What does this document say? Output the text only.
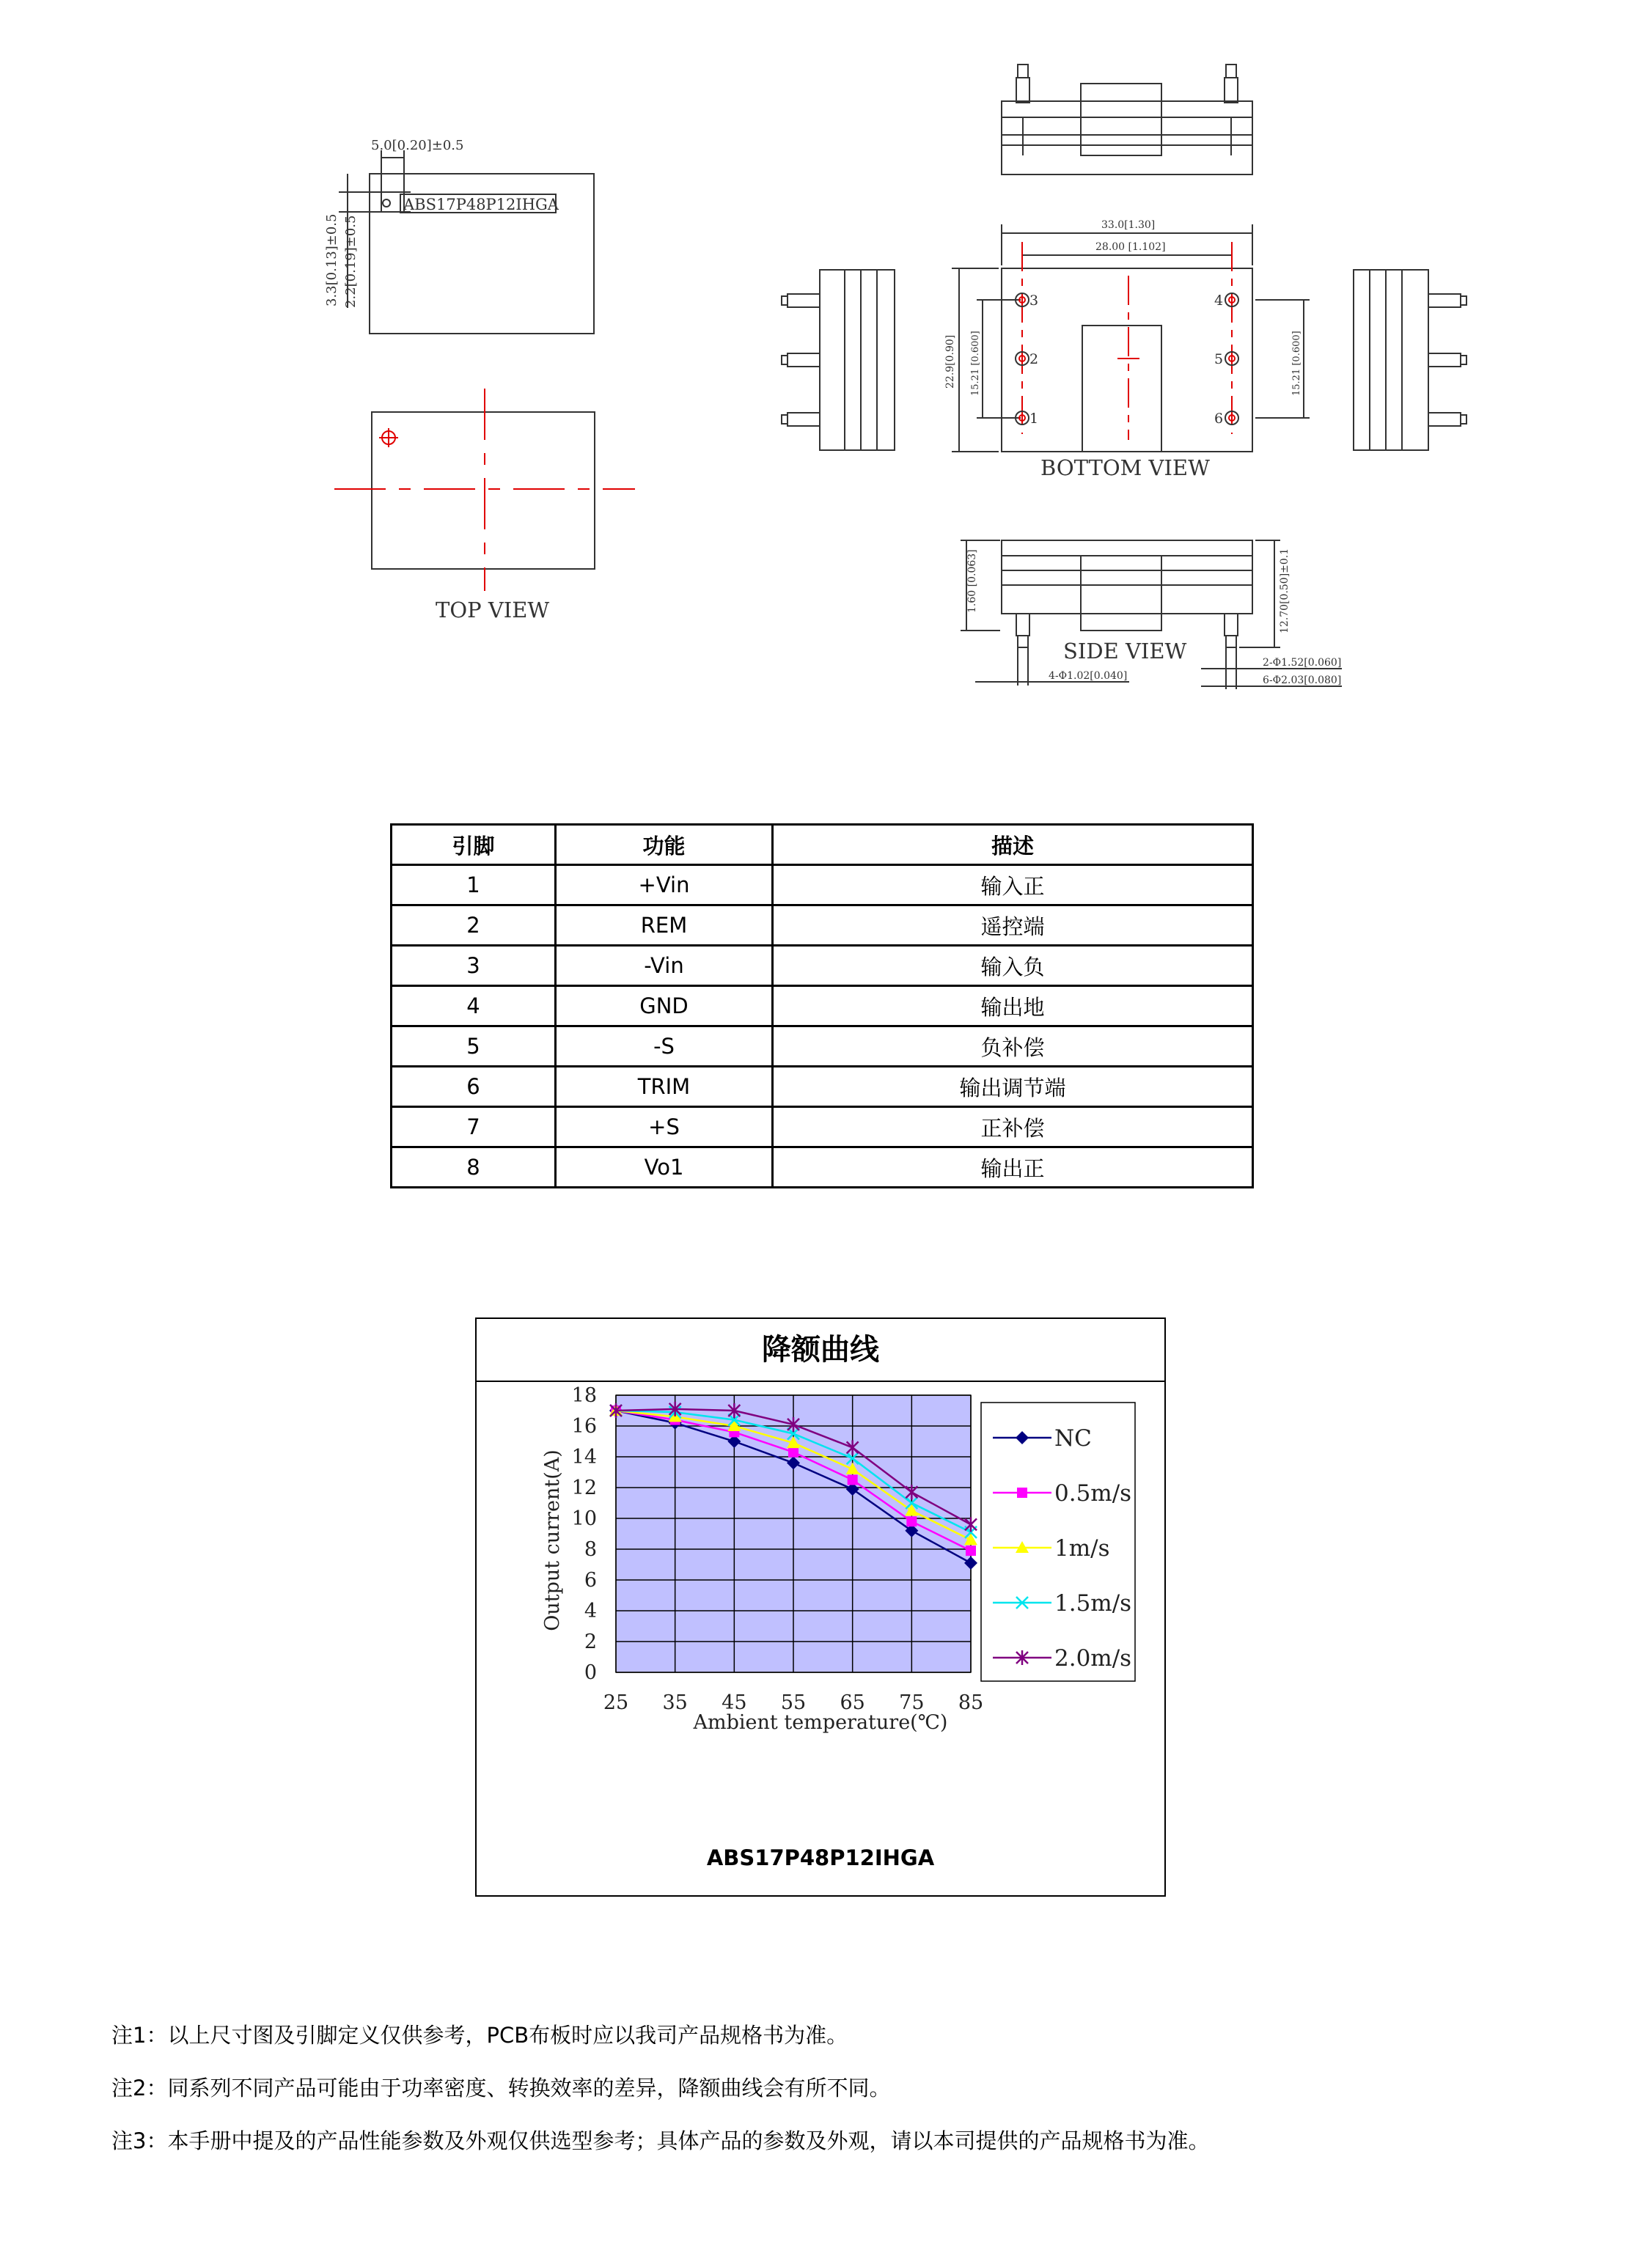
5.0[0.20]±0.5
ABS17P48P12IHGA
3.3[0.13]±0.5 2.2[0.19]±0.5
TOP VIEW
3
2
1
4
5
6
33.0[1.30]
28.00 [1.102]
22.9[0.90] 15.21 [0.600]	15.21 [0.600]
BOTTOM VIEW
1.60 [0.063]	12.70[0.50]±0.1
SIDE VIEW
4-Φ1.02[0.040]
2-Φ1.52[0.060]
6-Φ2.03[0.080]
引脚	功能	描述
1	+Vin	输入正
2	REM	遥控端
3	-Vin	输入负
4	GND	输出地
5	-S	负补偿
6	TRIM	输出调节端
7	+S	正补偿
8	Vo1	输出正
降额曲线
0
2
4
6
8
10
12
14
16
18
25 35 45 55 65 75 85
NC
0.5m/s
1m/s
1.5m/s
2.0m/s
Ambient temperature(℃)
Output current(A)
ABS17P48P12IHGA

注1：以上尺寸图及引脚定义仅供参考，PCB布板时应以我司产品规格书为准。

注2：同系列不同产品可能由于功率密度、转换效率的差异，降额曲线会有所不同。

注3：本手册中提及的产品性能参数及外观仅供选型参考；具体产品的参数及外观，请以本司提供的产品规格书为准。
